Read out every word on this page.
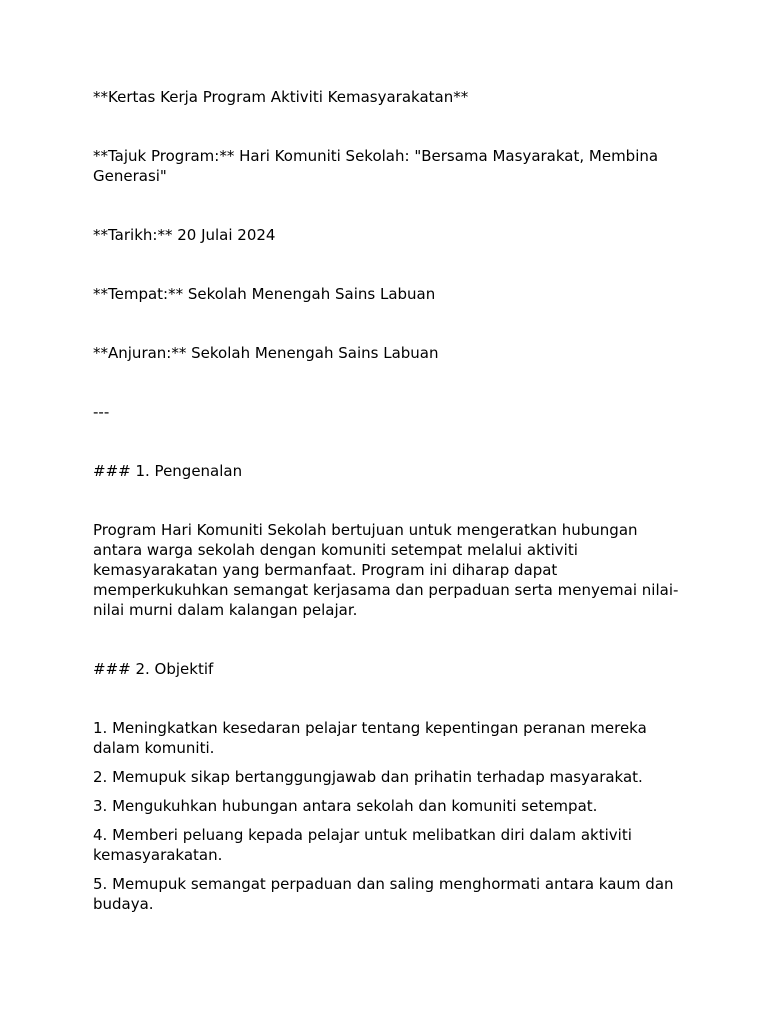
**Kertas Kerja Program Aktiviti Kemasyarakatan**

**Tajuk Program:** Hari Komuniti Sekolah: "Bersama Masyarakat, Membina Generasi"

**Tarikh:** 20 Julai 2024

**Tempat:** Sekolah Menengah Sains Labuan

**Anjuran:** Sekolah Menengah Sains Labuan

---

### 1. Pengenalan

Program Hari Komuniti Sekolah bertujuan untuk mengeratkan hubungan antara warga sekolah dengan komuniti setempat melalui aktiviti kemasyarakatan yang bermanfaat. Program ini diharap dapat memperkukuhkan semangat kerjasama dan perpaduan serta menyemai nilai-nilai murni dalam kalangan pelajar.

### 2. Objektif

1. Meningkatkan kesedaran pelajar tentang kepentingan peranan mereka dalam komuniti.

2. Memupuk sikap bertanggungjawab dan prihatin terhadap masyarakat.

3. Mengukuhkan hubungan antara sekolah dan komuniti setempat.

4. Memberi peluang kepada pelajar untuk melibatkan diri dalam aktiviti kemasyarakatan.

5. Memupuk semangat perpaduan dan saling menghormati antara kaum dan budaya.
